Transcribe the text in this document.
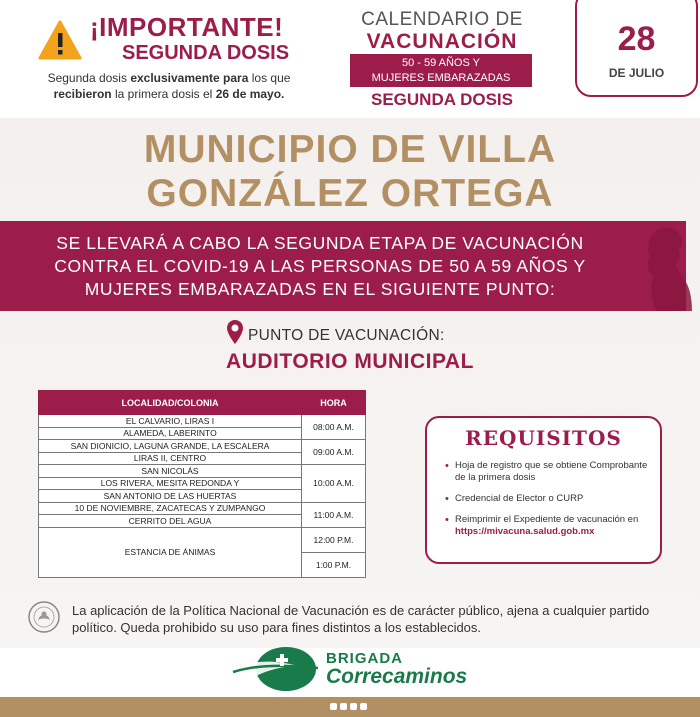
¡IMPORTANTE!
SEGUNDA DOSIS
Segunda dosis exclusivamente para los que recibieron la primera dosis el 26 de mayo.
CALENDARIO DE
VACUNACIÓN
50 - 59 AÑOS Y
MUJERES EMBARAZADAS
SEGUNDA DOSIS
28
DE JULIO
MUNICIPIO DE VILLA
GONZÁLEZ ORTEGA
SE LLEVARÁ A CABO LA SEGUNDA ETAPA DE VACUNACIÓN
CONTRA EL COVID-19 A LAS PERSONAS DE 50 A 59 AÑOS Y
MUJERES EMBARAZADAS EN EL SIGUIENTE PUNTO:
PUNTO DE VACUNACIÓN:
AUDITORIO MUNICIPAL
LOCALIDAD/COLONIA	HORA
EL CALVARIO, LIRAS I	08:00 A.M.
ALAMEDA, LABERINTO	
SAN DIONICIO, LAGUNA GRANDE, LA ESCALERA	09:00 A.M.
LIRAS II, CENTRO	
SAN NICOLÁS	10:00 A.M.
LOS RIVERA, MESITA REDONDA Y	
SAN ANTONIO DE LAS HUERTAS	
10 DE NOVIEMBRE, ZACATECAS Y ZUMPANGO	11:00 A.M.
CERRITO DEL AGUA	
ESTANCIA DE ÁNIMAS	12:00 P.M.
	1:00 P.M.
REQUISITOS
• Hoja de registro que se obtiene Comprobante de la primera dosis
• Credencial de Elector o CURP
• Reimprimir el Expediente de vacunación en
https://mivacuna.salud.gob.mx
La aplicación de la Política Nacional de Vacunación es de carácter público, ajena a cualquier partido político. Queda prohibido su uso para fines distintos a los establecidos.
BRIGADA
Correcaminos
